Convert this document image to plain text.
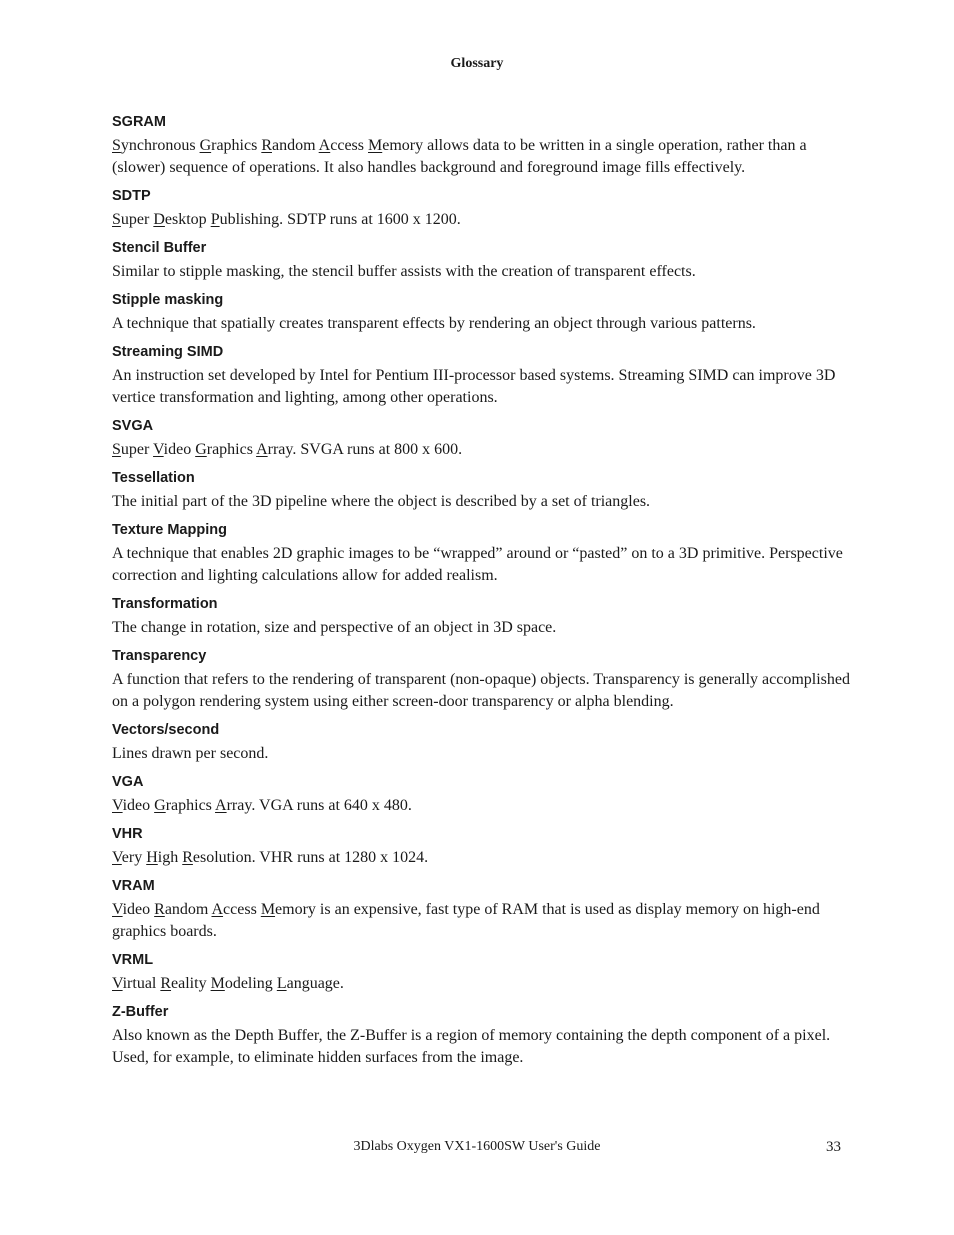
Glossary
SGRAM
Synchronous Graphics Random Access Memory allows data to be written in a single operation, rather than a (slower) sequence of operations. It also handles background and foreground image fills effectively.
SDTP
Super Desktop Publishing. SDTP runs at 1600 x 1200.
Stencil Buffer
Similar to stipple masking, the stencil buffer assists with the creation of transparent effects.
Stipple masking
A technique that spatially creates transparent effects by rendering an object through various patterns.
Streaming SIMD
An instruction set developed by Intel for Pentium III-processor based systems. Streaming SIMD can improve 3D vertice transformation and lighting, among other operations.
SVGA
Super Video Graphics Array. SVGA runs at 800 x 600.
Tessellation
The initial part of the 3D pipeline where the object is described by a set of triangles.
Texture Mapping
A technique that enables 2D graphic images to be “wrapped” around or “pasted” on to a 3D primitive. Perspective correction and lighting calculations allow for added realism.
Transformation
The change in rotation, size and perspective of an object in 3D space.
Transparency
A function that refers to the rendering of transparent (non-opaque) objects. Transparency is generally accomplished on a polygon rendering system using either screen-door transparency or alpha blending.
Vectors/second
Lines drawn per second.
VGA
Video Graphics Array. VGA runs at 640 x 480.
VHR
Very High Resolution. VHR runs at 1280 x 1024.
VRAM
Video Random Access Memory is an expensive, fast type of RAM that is used as display memory on high-end graphics boards.
VRML
Virtual Reality Modeling Language.
Z-Buffer
Also known as the Depth Buffer, the Z-Buffer is a region of memory containing the depth component of a pixel. Used, for example, to eliminate hidden surfaces from the image.
3Dlabs Oxygen VX1-1600SW User's Guide	33
